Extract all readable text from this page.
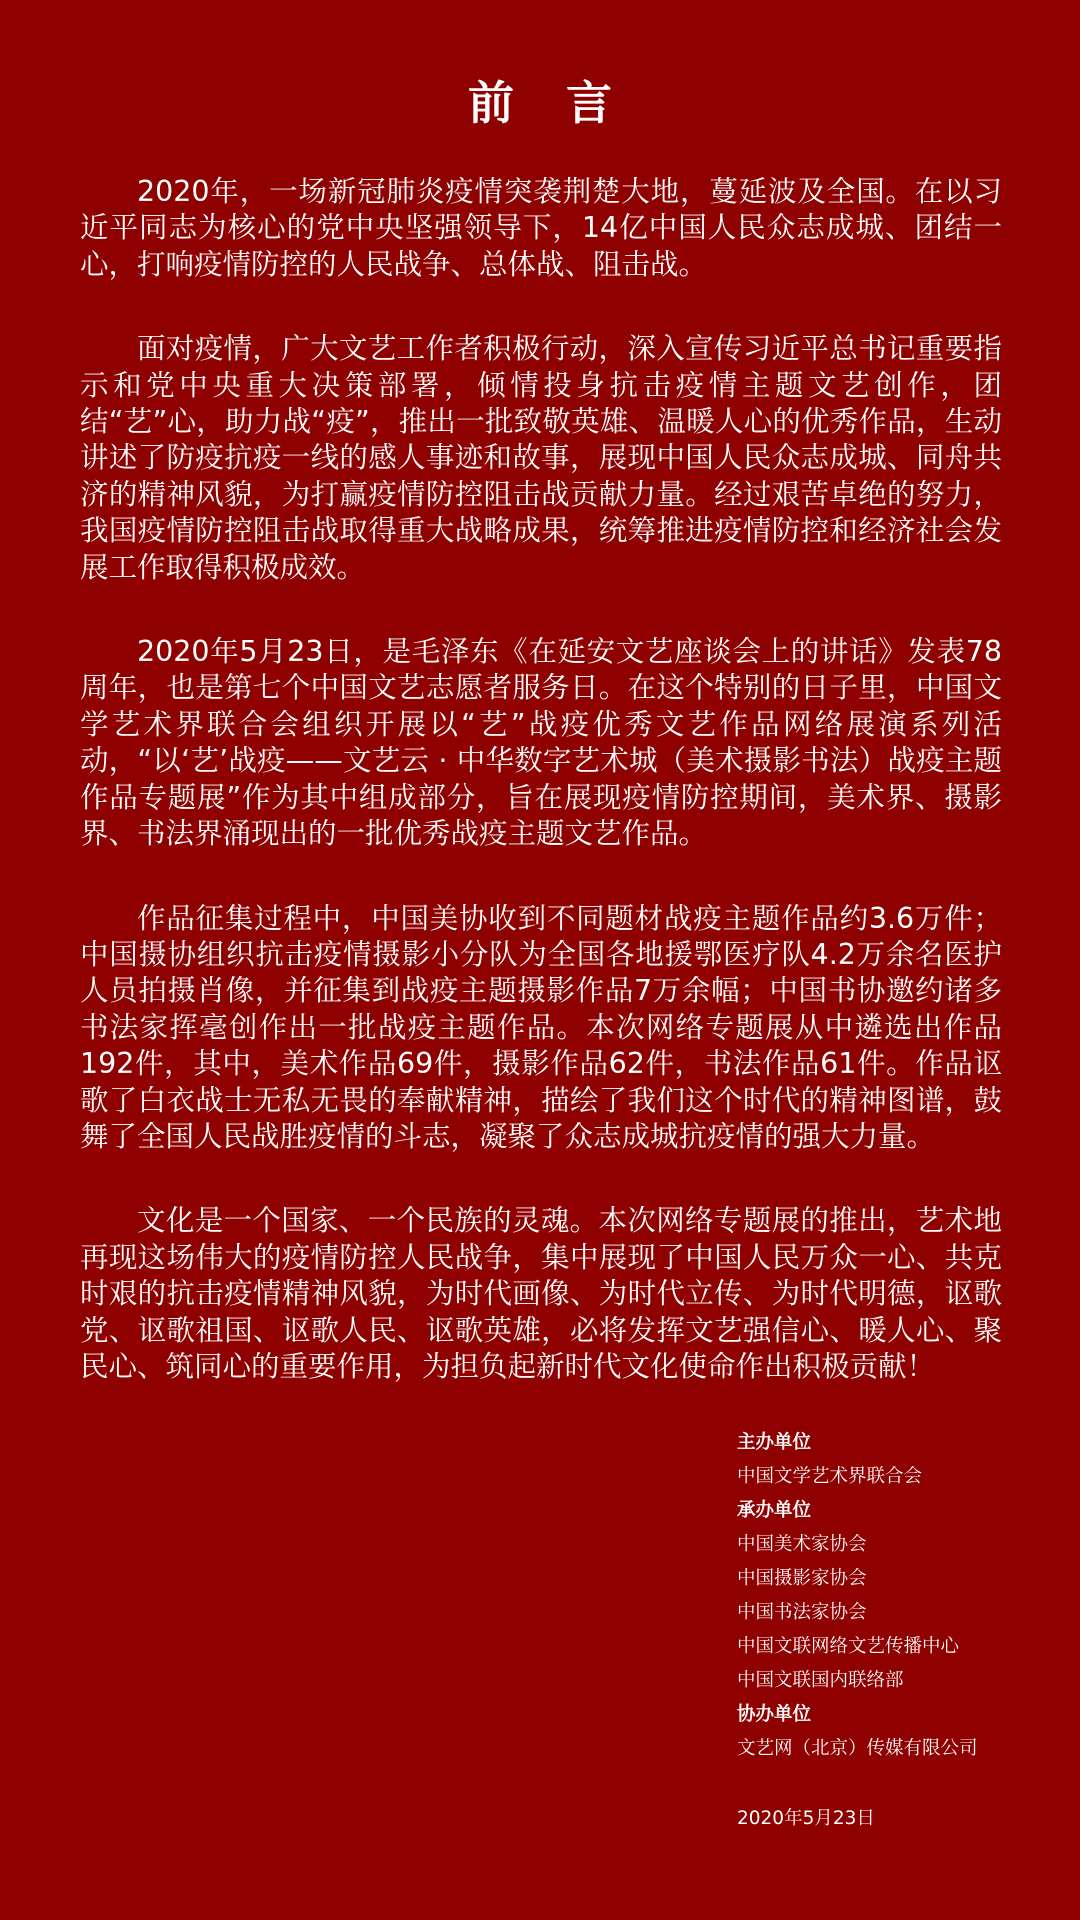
前 言

2020年，一场新冠肺炎疫情突袭荆楚大地，蔓延波及全国。在以习近平同志为核心的党中央坚强领导下，14亿中国人民众志成城、团结一心，打响疫情防控的人民战争、总体战、阻击战。

面对疫情，广大文艺工作者积极行动，深入宣传习近平总书记重要指示和党中央重大决策部署，倾情投身抗击疫情主题文艺创作，团结“艺”心，助力战“疫”，推出一批致敬英雄、温暖人心的优秀作品，生动讲述了防疫抗疫一线的感人事迹和故事，展现中国人民众志成城、同舟共济的精神风貌，为打赢疫情防控阻击战贡献力量。经过艰苦卓绝的努力，我国疫情防控阻击战取得重大战略成果，统筹推进疫情防控和经济社会发展工作取得积极成效。

2020年5月23日，是毛泽东《在延安文艺座谈会上的讲话》发表78周年，也是第七个中国文艺志愿者服务日。在这个特别的日子里，中国文学艺术界联合会组织开展以“艺”战疫优秀文艺作品网络展演系列活动，“以‘艺’战疫——文艺云 · 中华数字艺术城（美术摄影书法）战疫主题作品专题展”作为其中组成部分，旨在展现疫情防控期间，美术界、摄影界、书法界涌现出的一批优秀战疫主题文艺作品。

作品征集过程中，中国美协收到不同题材战疫主题作品约3.6万件；中国摄协组织抗击疫情摄影小分队为全国各地援鄂医疗队4.2万余名医护人员拍摄肖像，并征集到战疫主题摄影作品7万余幅；中国书协邀约诸多书法家挥毫创作出一批战疫主题作品。本次网络专题展从中遴选出作品192件，其中，美术作品69件，摄影作品62件，书法作品61件。作品讴歌了白衣战士无私无畏的奉献精神，描绘了我们这个时代的精神图谱，鼓舞了全国人民战胜疫情的斗志，凝聚了众志成城抗疫情的强大力量。

文化是一个国家、一个民族的灵魂。本次网络专题展的推出，艺术地再现这场伟大的疫情防控人民战争，集中展现了中国人民万众一心、共克时艰的抗击疫情精神风貌，为时代画像、为时代立传、为时代明德，讴歌党、讴歌祖国、讴歌人民、讴歌英雄，必将发挥文艺强信心、暖人心、聚民心、筑同心的重要作用，为担负起新时代文化使命作出积极贡献！

主办单位
中国文学艺术界联合会
承办单位
中国美术家协会
中国摄影家协会
中国书法家协会
中国文联网络文艺传播中心
中国文联国内联络部
协办单位
文艺网（北京）传媒有限公司
2020年5月23日
